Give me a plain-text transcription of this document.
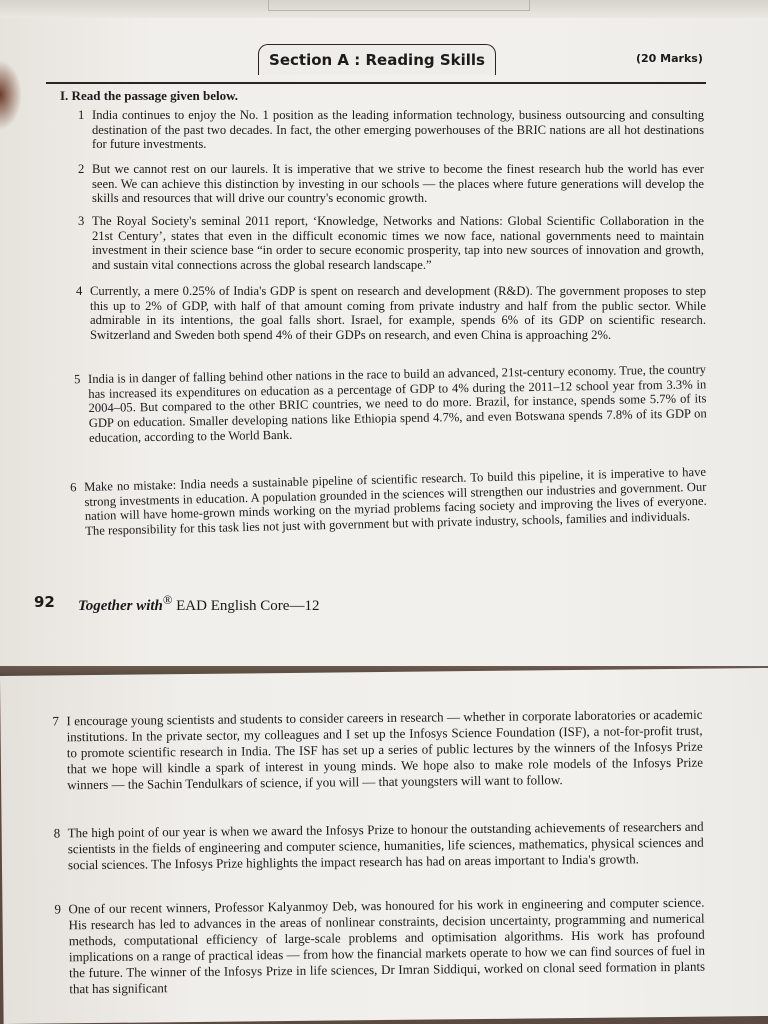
Section A : Reading Skills	(20 Marks)
I. Read the passage given below.

1 India continues to enjoy the No. 1 position as the leading information technology, business outsourcing and consulting destination of the past two decades. In fact, the other emerging powerhouses of the BRIC nations are all hot destinations for future investments.

2 But we cannot rest on our laurels. It is imperative that we strive to become the finest research hub the world has ever seen. We can achieve this distinction by investing in our schools — the places where future generations will develop the skills and resources that will drive our country's economic growth.

3 The Royal Society's seminal 2011 report, ‘Knowledge, Networks and Nations: Global Scientific Collaboration in the 21st Century’, states that even in the difficult economic times we now face, national governments need to maintain investment in their science base “in order to secure economic prosperity, tap into new sources of innovation and growth, and sustain vital connections across the global research landscape.”

4 Currently, a mere 0.25% of India's GDP is spent on research and development (R&D). The government proposes to step this up to 2% of GDP, with half of that amount coming from private industry and half from the public sector. While admirable in its intentions, the goal falls short. Israel, for example, spends 6% of its GDP on scientific research. Switzerland and Sweden both spend 4% of their GDPs on research, and even China is approaching 2%.

5 India is in danger of falling behind other nations in the race to build an advanced, 21st-century economy. True, the country has increased its expenditures on education as a percentage of GDP to 4% during the 2011–12 school year from 3.3% in 2004–05. But compared to the other BRIC countries, we need to do more. Brazil, for instance, spends some 5.7% of its GDP on education. Smaller developing nations like Ethiopia spend 4.7%, and even Botswana spends 7.8% of its GDP on education, according to the World Bank.

6 Make no mistake: India needs a sustainable pipeline of scientific research. To build this pipeline, it is imperative to have strong investments in education. A population grounded in the sciences will strengthen our industries and government. Our nation will have home-grown minds working on the myriad problems facing society and improving the lives of everyone. The responsibility for this task lies not just with government but with private industry, schools, families and individuals.

92 Together with® EAD English Core—12

7 I encourage young scientists and students to consider careers in research — whether in corporate laboratories or academic institutions. In the private sector, my colleagues and I set up the Infosys Science Foundation (ISF), a not-for-profit trust, to promote scientific research in India. The ISF has set up a series of public lectures by the winners of the Infosys Prize that we hope will kindle a spark of interest in young minds. We hope also to make role models of the Infosys Prize winners — the Sachin Tendulkars of science, if you will — that youngsters will want to follow.

8 The high point of our year is when we award the Infosys Prize to honour the outstanding achievements of researchers and scientists in the fields of engineering and computer science, humanities, life sciences, mathematics, physical sciences and social sciences. The Infosys Prize highlights the impact research has had on areas important to India's growth.

9 One of our recent winners, Professor Kalyanmoy Deb, was honoured for his work in engineering and computer science. His research has led to advances in the areas of nonlinear constraints, decision uncertainty, programming and numerical methods, computational efficiency of large-scale problems and optimisation algorithms. His work has profound implications on a range of practical ideas — from how the financial markets operate to how we can find sources of fuel in the future. The winner of the Infosys Prize in life sciences, Dr Imran Siddiqui, worked on clonal seed formation in plants that has significant
